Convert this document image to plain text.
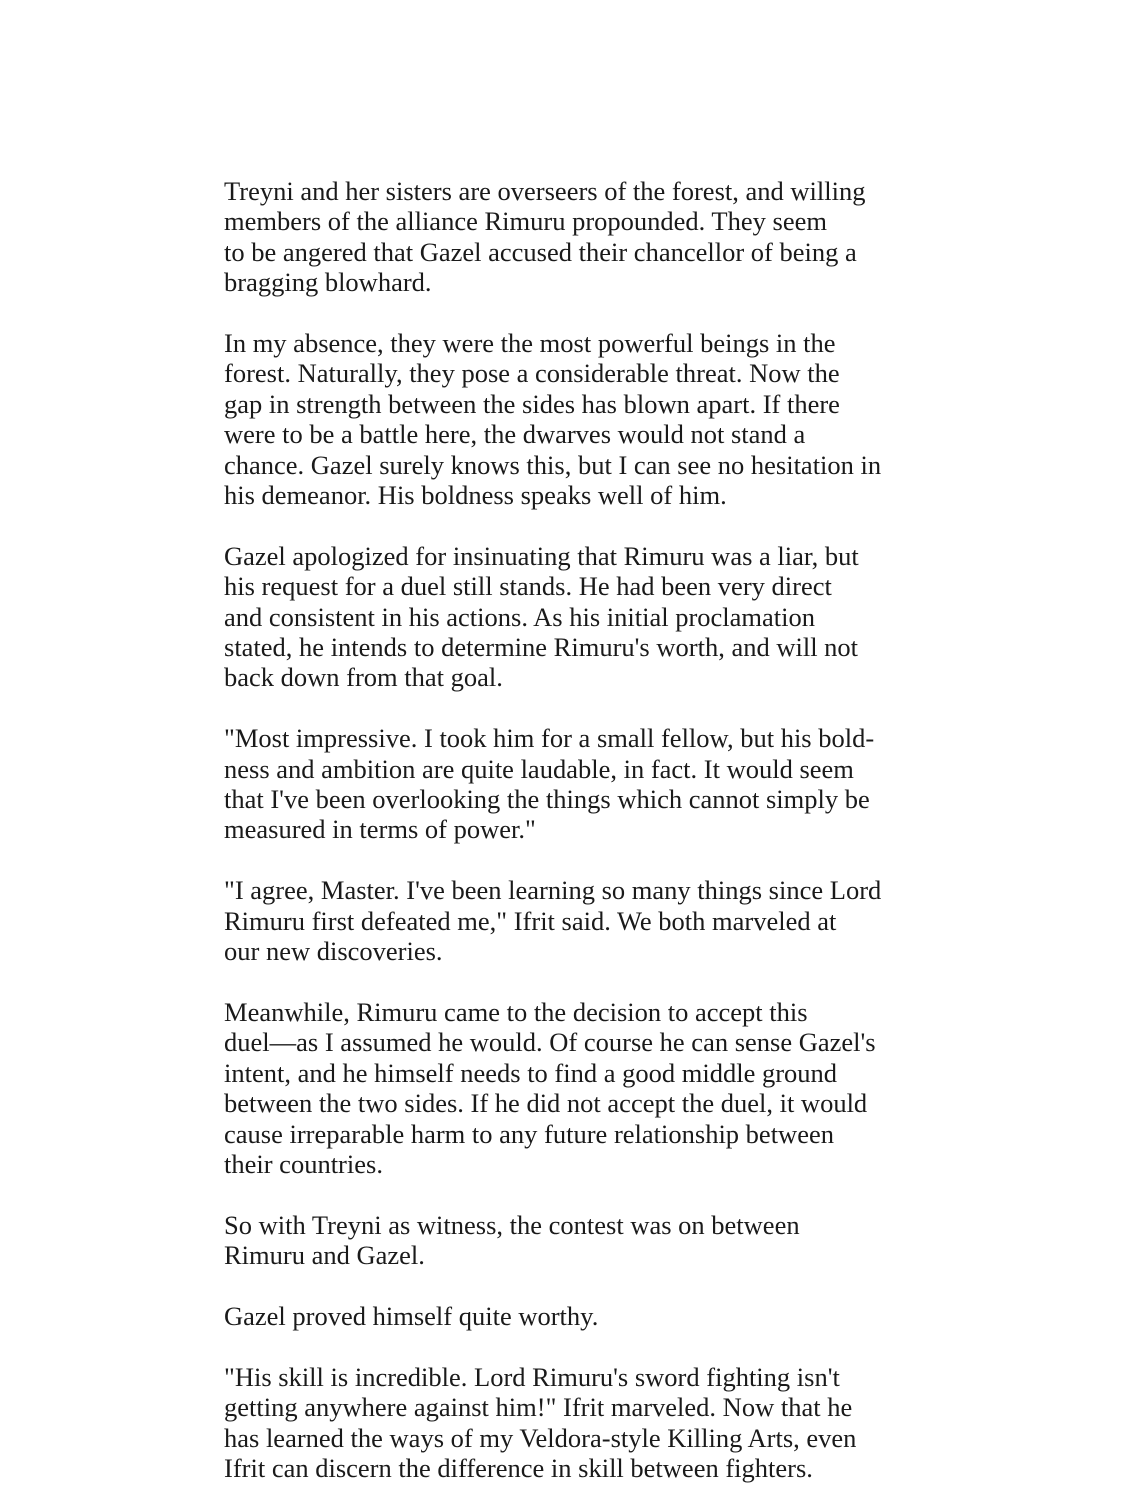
Treyni and her sisters are overseers of the forest, and willing
members of the alliance Rimuru propounded. They seem
to be angered that Gazel accused their chancellor of being a
bragging blowhard.

In my absence, they were the most powerful beings in the
forest. Naturally, they pose a considerable threat. Now the
gap in strength between the sides has blown apart. If there
were to be a battle here, the dwarves would not stand a
chance. Gazel surely knows this, but I can see no hesitation in
his demeanor. His boldness speaks well of him.

Gazel apologized for insinuating that Rimuru was a liar, but
his request for a duel still stands. He had been very direct
and consistent in his actions. As his initial proclamation
stated, he intends to determine Rimuru's worth, and will not
back down from that goal.

"Most impressive. I took him for a small fellow, but his bold-
ness and ambition are quite laudable, in fact. It would seem
that I've been overlooking the things which cannot simply be
measured in terms of power."

"I agree, Master. I've been learning so many things since Lord
Rimuru first defeated me," Ifrit said. We both marveled at
our new discoveries.

Meanwhile, Rimuru came to the decision to accept this
duel—as I assumed he would. Of course he can sense Gazel's
intent, and he himself needs to find a good middle ground
between the two sides. If he did not accept the duel, it would
cause irreparable harm to any future relationship between
their countries.

So with Treyni as witness, the contest was on between
Rimuru and Gazel.

Gazel proved himself quite worthy.

"His skill is incredible. Lord Rimuru's sword fighting isn't
getting anywhere against him!" Ifrit marveled. Now that he
has learned the ways of my Veldora-style Killing Arts, even
Ifrit can discern the difference in skill between fighters.
